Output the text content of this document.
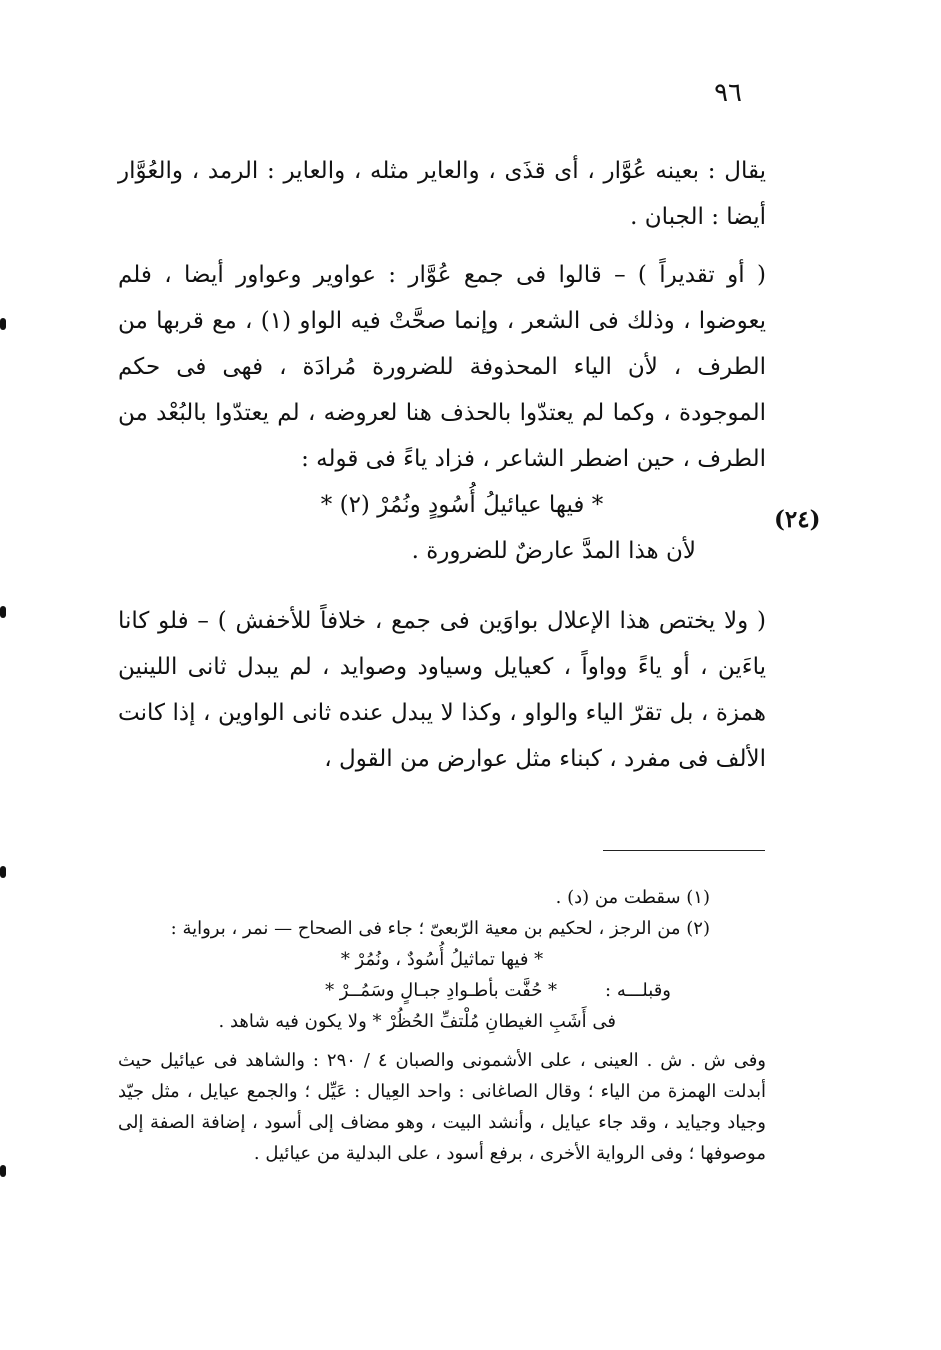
٩٦

يقال : بعينه عُوَّار ، أى قذَى ، والعاير مثله ، والعاير : الرمد ، والعُوَّار أيضا : الجبان .

( أو تقديراً ) – قالوا فى جمع عُوَّار : عواوير وعواور أيضا ، فلم يعوضوا ، وذلك فى الشعر ، وإنما صحَّتْ فيه الواو (١) ، مع قربها من الطرف ، لأن الياء المحذوفة للضرورة مُرادَة ، فهى فى حكم الموجودة ، وكما لم يعتدّوا بالحذف هنا لعروضه ، لم يعتدّوا بالبُعْد من الطرف ، حين اضطر الشاعر ، فزاد ياءً فى قوله :

* فيها عيائيلُ أُسُودٍ ونُمُرْ (٢) *

لأن هذا المدَّ عارضٌ للضرورة .

( ولا يختص هذا الإعلال بواوَين فى جمع ، خلافاً للأخفش ) – فلو كانا ياءَين ، أو ياءً وواواً ، كعيايل وسياود وصوايد ، لم يبدل ثانى اللينين همزة ، بل تقرّ الياء والواو ، وكذا لا يبدل عنده ثانى الواوين ، إذا كانت الألف فى مفرد ، كبناء مثل عوارض من القول ،

(٢٤)

(١) سقطت من (د) .

(٢) من الرجز ، لحكيم بن معية الرّبعىّ ؛ جاء فى الصحاح — نمر ، برواية :

* فيها تماثيلُ أُسُودٌ ، ونُمُرْ *

وقبلـــه :
* حُفَّت بأطـوادِ جبـالٍ وسَمُــرْ *

فى أَشَبِ الغيطانِ مُلْتفِّ الحُظُرْ * ولا يكون فيه شاهد .

وفى ش . ش . العينى ، على الأشمونى والصبان ٤ / ٢٩٠ : والشاهد فى عيائيل حيث أبدلت الهمزة من الياء ؛ وقال الصاغانى : واحد العِيال : عَيِّل ؛ والجمع عيايل ، مثل جيّد وجياد وجيايد ، وقد جاء عيايل ، وأنشد البيت ، وهو مضاف إلى أسود ، إضافة الصفة إلى موصوفها ؛ وفى الرواية الأخرى ، برفع أسود ، على البدلية من عيائيل .
